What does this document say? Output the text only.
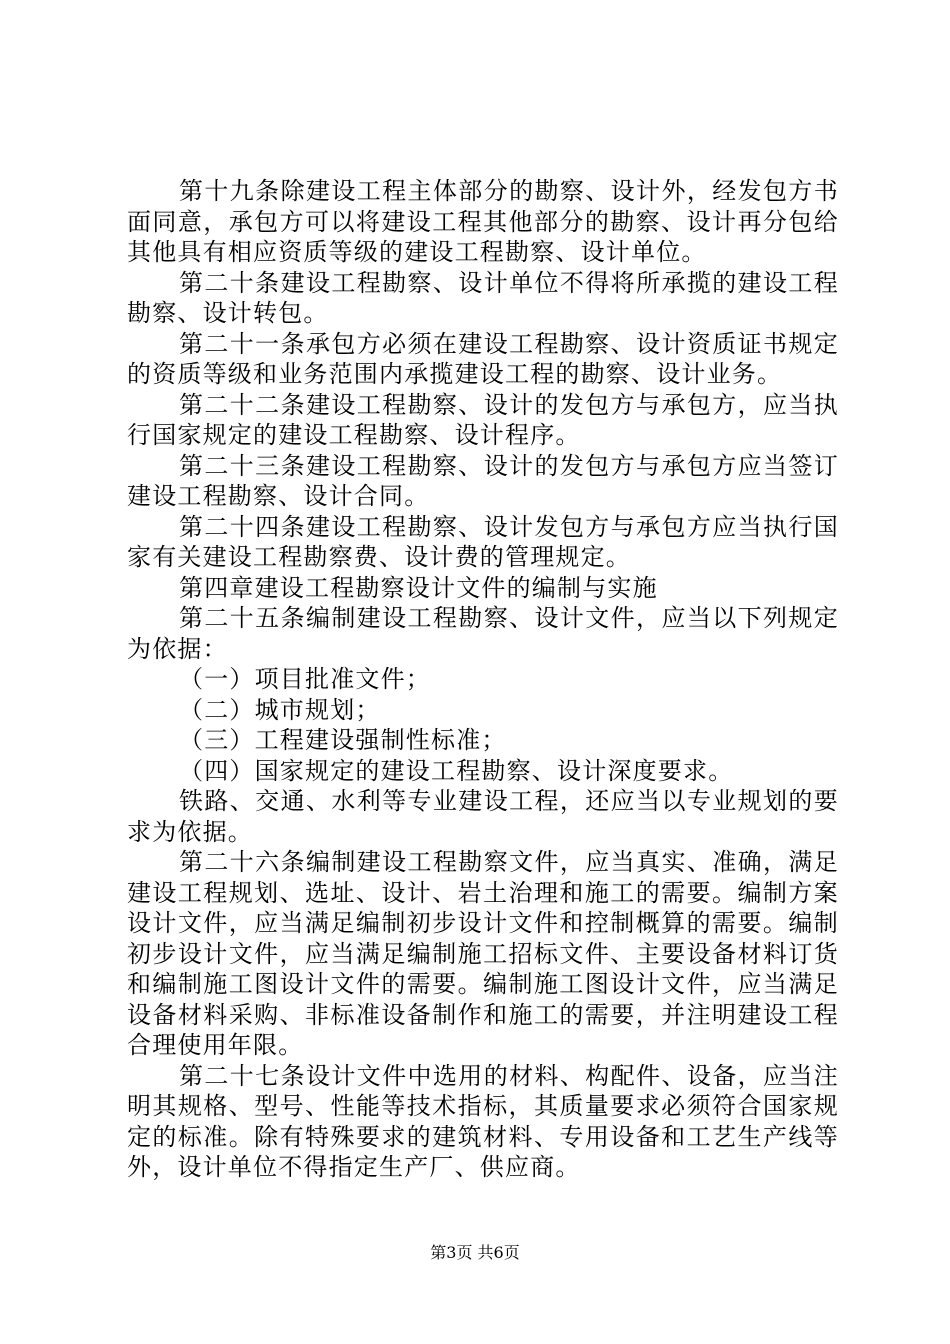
第十九条除建设工程主体部分的勘察、设计外，经发包方书面同意，承包方可以将建设工程其他部分的勘察、设计再分包给其他具有相应资质等级的建设工程勘察、设计单位。

第二十条建设工程勘察、设计单位不得将所承揽的建设工程勘察、设计转包。

第二十一条承包方必须在建设工程勘察、设计资质证书规定的资质等级和业务范围内承揽建设工程的勘察、设计业务。

第二十二条建设工程勘察、设计的发包方与承包方，应当执行国家规定的建设工程勘察、设计程序。

第二十三条建设工程勘察、设计的发包方与承包方应当签订建设工程勘察、设计合同。

第二十四条建设工程勘察、设计发包方与承包方应当执行国家有关建设工程勘察费、设计费的管理规定。

第四章建设工程勘察设计文件的编制与实施

第二十五条编制建设工程勘察、设计文件，应当以下列规定为依据：

（一）项目批准文件；

（二）城市规划；

（三）工程建设强制性标准；

（四）国家规定的建设工程勘察、设计深度要求。

铁路、交通、水利等专业建设工程，还应当以专业规划的要求为依据。

第二十六条编制建设工程勘察文件，应当真实、准确，满足建设工程规划、选址、设计、岩土治理和施工的需要。编制方案设计文件，应当满足编制初步设计文件和控制概算的需要。编制初步设计文件，应当满足编制施工招标文件、主要设备材料订货和编制施工图设计文件的需要。编制施工图设计文件，应当满足设备材料采购、非标准设备制作和施工的需要，并注明建设工程合理使用年限。

第二十七条设计文件中选用的材料、构配件、设备，应当注明其规格、型号、性能等技术指标，其质量要求必须符合国家规定的标准。除有特殊要求的建筑材料、专用设备和工艺生产线等外，设计单位不得指定生产厂、供应商。

第3页 共6页
